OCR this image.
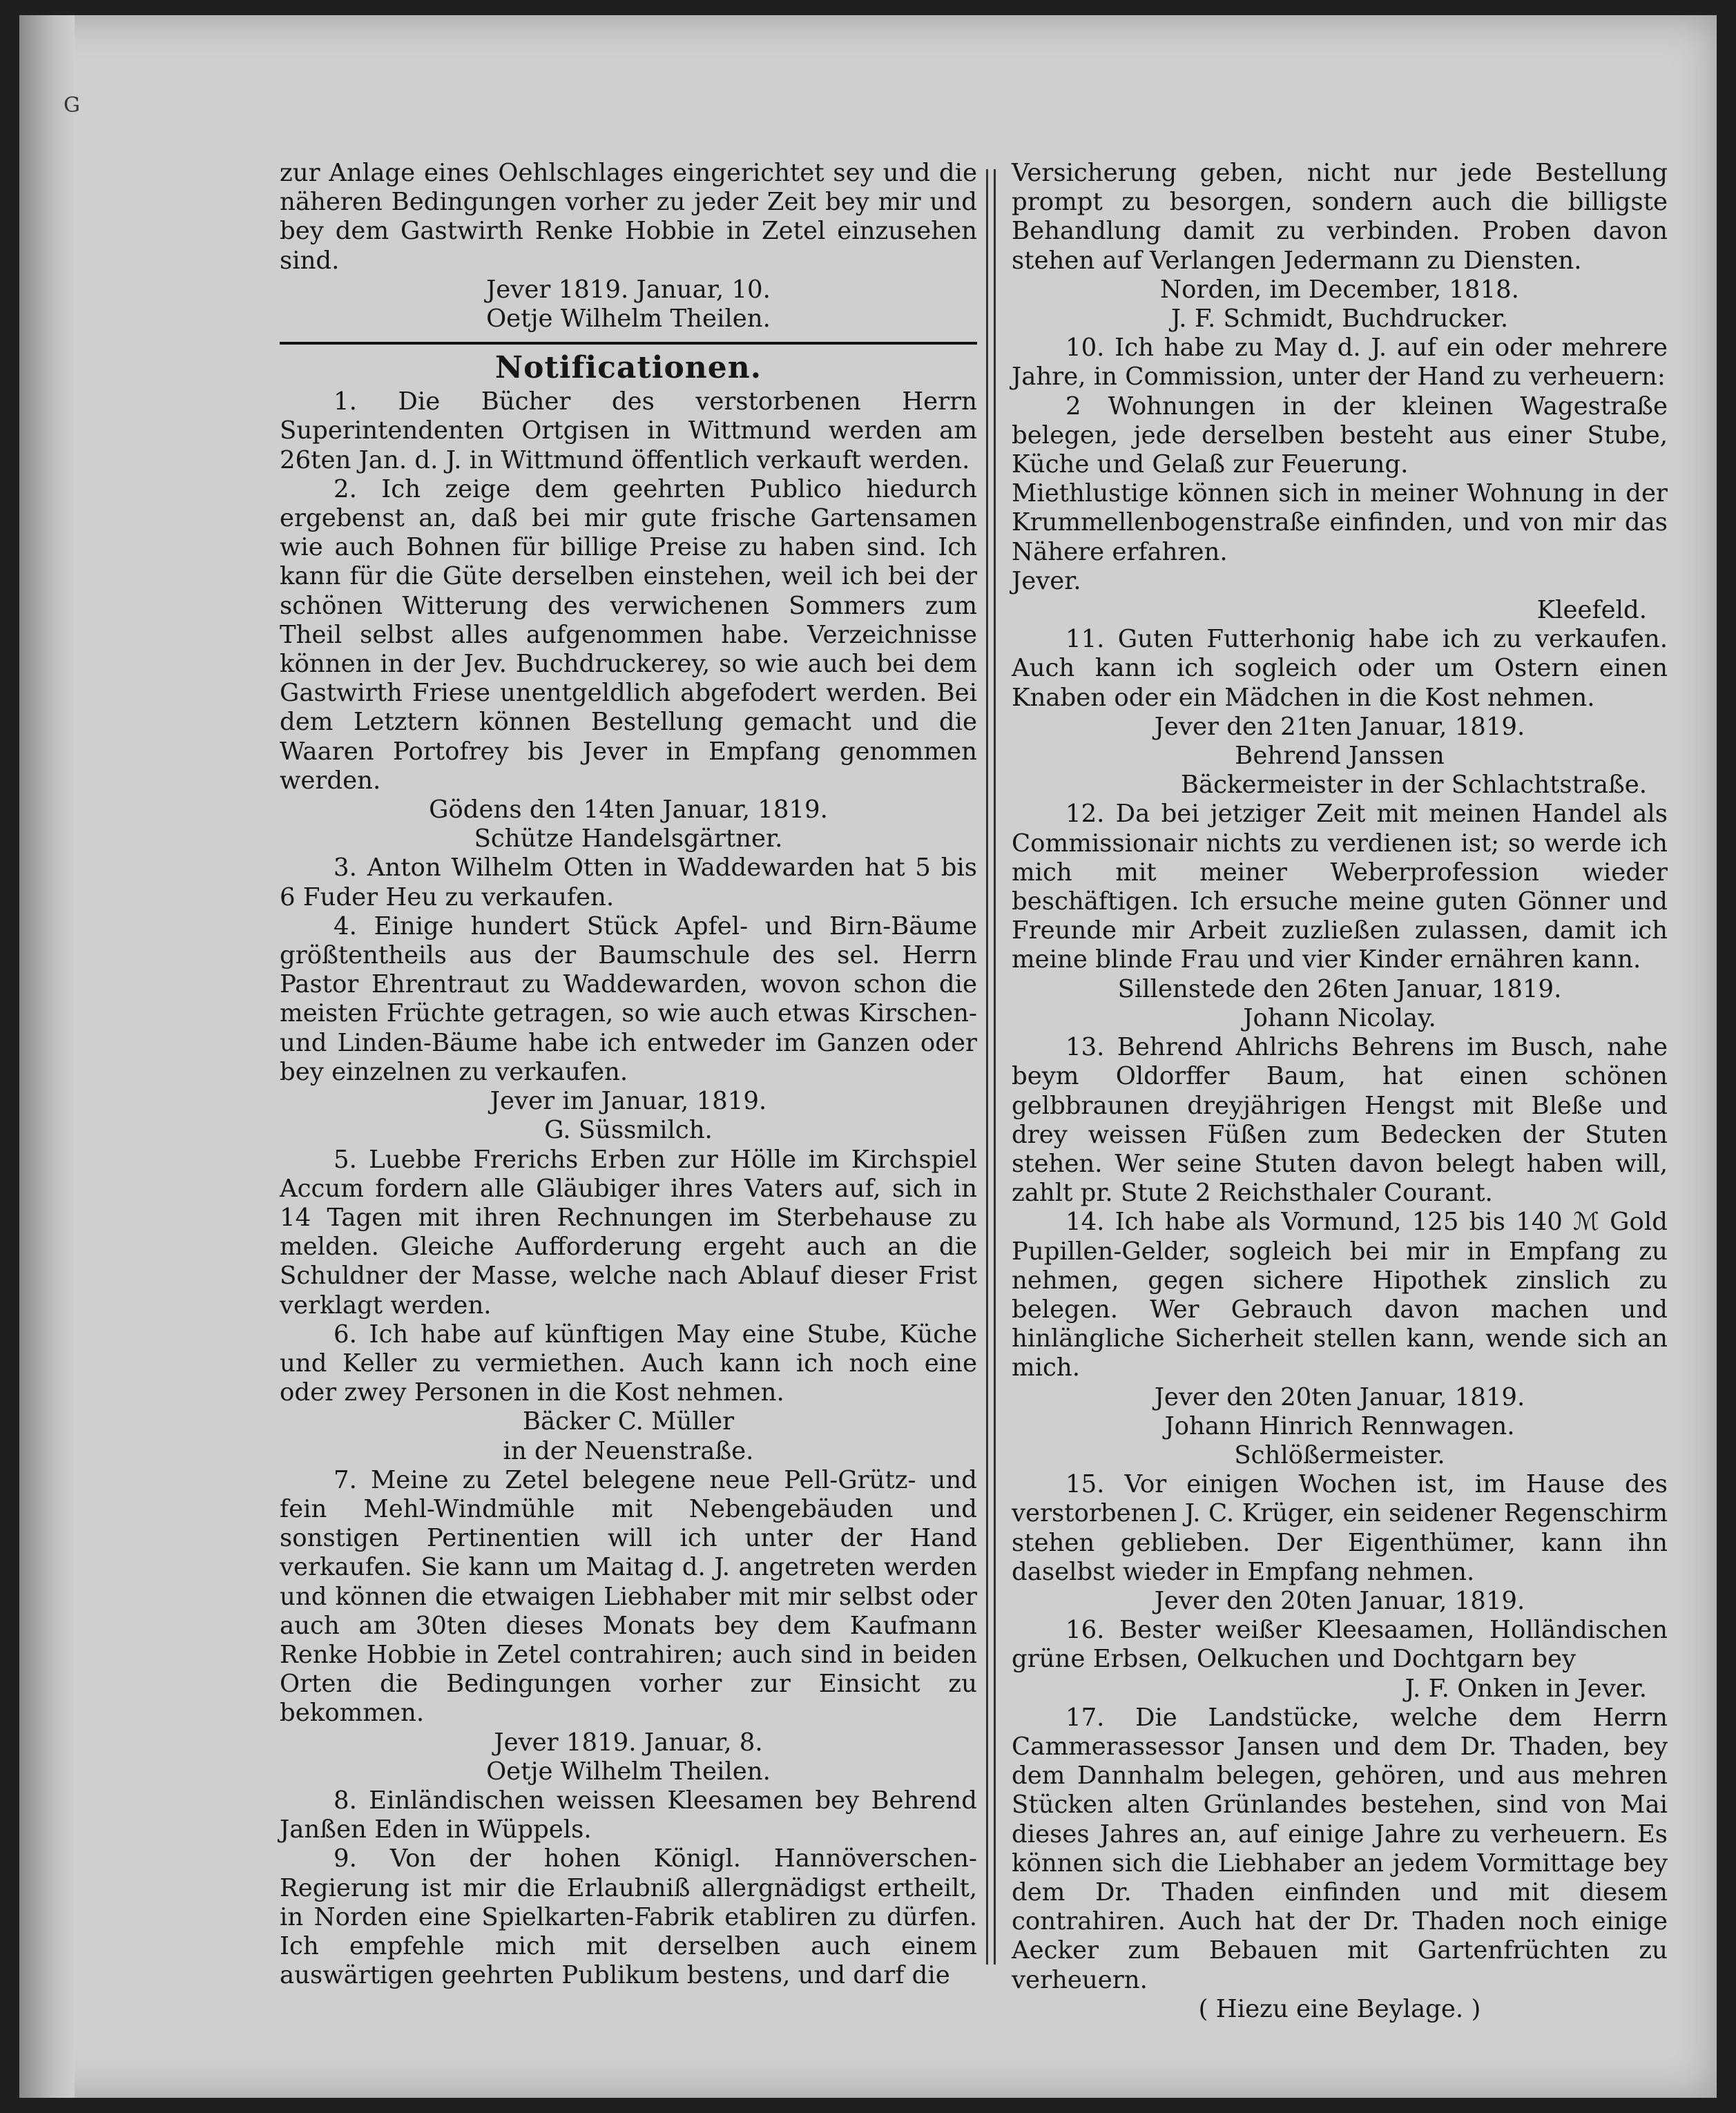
G

zur Anlage eines Oehlschlages eingerichtet sey und die näheren Bedingungen vorher zu jeder Zeit bey mir und bey dem Gastwirth Renke Hobbie in Zetel einzusehen sind.

Jever 1819. Januar, 10.

Oetje Wilhelm Theilen.

Notificationen.

1. Die Bücher des verstorbenen Herrn Superintendenten Ortgisen in Wittmund werden am 26ten Jan. d. J. in Wittmund öffentlich verkauft werden.

2. Ich zeige dem geehrten Publico hiedurch ergebenst an, daß bei mir gute frische Gartensamen wie auch Bohnen für billige Preise zu haben sind. Ich kann für die Güte derselben einstehen, weil ich bei der schönen Witterung des verwichenen Sommers zum Theil selbst alles aufgenommen habe. Verzeichnisse können in der Jev. Buchdruckerey, so wie auch bei dem Gastwirth Friese unentgeldlich abgefodert werden. Bei dem Letztern können Bestellung gemacht und die Waaren Portofrey bis Jever in Empfang genommen werden.

Gödens den 14ten Januar, 1819.

Schütze Handelsgärtner.

3. Anton Wilhelm Otten in Waddewarden hat 5 bis 6 Fuder Heu zu verkaufen.

4. Einige hundert Stück Apfel- und Birn-Bäume größtentheils aus der Baumschule des sel. Herrn Pastor Ehrentraut zu Waddewarden, wovon schon die meisten Früchte getragen, so wie auch etwas Kirschen- und Linden-Bäume habe ich entweder im Ganzen oder bey einzelnen zu verkaufen.

Jever im Januar, 1819.

G. Süssmilch.

5. Luebbe Frerichs Erben zur Hölle im Kirchspiel Accum fordern alle Gläubiger ihres Vaters auf, sich in 14 Tagen mit ihren Rechnungen im Sterbehause zu melden. Gleiche Aufforderung ergeht auch an die Schuldner der Masse, welche nach Ablauf dieser Frist verklagt werden.

6. Ich habe auf künftigen May eine Stube, Küche und Keller zu vermiethen. Auch kann ich noch eine oder zwey Personen in die Kost nehmen.

Bäcker C. Müller

in der Neuenstraße.

7. Meine zu Zetel belegene neue Pell-Grütz- und fein Mehl-Windmühle mit Nebengebäuden und sonstigen Pertinentien will ich unter der Hand verkaufen. Sie kann um Maitag d. J. angetreten werden und können die etwaigen Liebhaber mit mir selbst oder auch am 30ten dieses Monats bey dem Kaufmann Renke Hobbie in Zetel contrahiren; auch sind in beiden Orten die Bedingungen vorher zur Einsicht zu bekommen.

Jever 1819. Januar, 8.

Oetje Wilhelm Theilen.

8. Einländischen weissen Kleesamen bey Behrend Janßen Eden in Wüppels.

9. Von der hohen Königl. Hannöverschen-Regierung ist mir die Erlaubniß allergnädigst ertheilt, in Norden eine Spielkarten-Fabrik etabliren zu dürfen. Ich empfehle mich mit derselben auch einem auswärtigen geehrten Publikum bestens, und darf die

Versicherung geben, nicht nur jede Bestellung prompt zu besorgen, sondern auch die billigste Behandlung damit zu verbinden. Proben davon stehen auf Verlangen Jedermann zu Diensten.

Norden, im December, 1818.

J. F. Schmidt, Buchdrucker.

10. Ich habe zu May d. J. auf ein oder mehrere Jahre, in Commission, unter der Hand zu verheuern:

2 Wohnungen in der kleinen Wagestraße belegen, jede derselben besteht aus einer Stube, Küche und Gelaß zur Feuerung.

Miethlustige können sich in meiner Wohnung in der Krummellenbogenstraße einfinden, und von mir das Nähere erfahren.

Jever.

Kleefeld.

11. Guten Futterhonig habe ich zu verkaufen. Auch kann ich sogleich oder um Ostern einen Knaben oder ein Mädchen in die Kost nehmen.

Jever den 21ten Januar, 1819.

Behrend Janssen

Bäckermeister in der Schlachtstraße.

12. Da bei jetziger Zeit mit meinen Handel als Commissionair nichts zu verdienen ist; so werde ich mich mit meiner Weberprofession wieder beschäftigen. Ich ersuche meine guten Gönner und Freunde mir Arbeit zuzließen zulassen, damit ich meine blinde Frau und vier Kinder ernähren kann.

Sillenstede den 26ten Januar, 1819.

Johann Nicolay.

13. Behrend Ahlrichs Behrens im Busch, nahe beym Oldorffer Baum, hat einen schönen gelbbraunen dreyjährigen Hengst mit Bleße und drey weissen Füßen zum Bedecken der Stuten stehen. Wer seine Stuten davon belegt haben will, zahlt pr. Stute 2 Reichsthaler Courant.

14. Ich habe als Vormund, 125 bis 140 ℳ Gold Pupillen-Gelder, sogleich bei mir in Empfang zu nehmen, gegen sichere Hipothek zinslich zu belegen. Wer Gebrauch davon machen und hinlängliche Sicherheit stellen kann, wende sich an mich.

Jever den 20ten Januar, 1819.

Johann Hinrich Rennwagen.

Schlößermeister.

15. Vor einigen Wochen ist, im Hause des verstorbenen J. C. Krüger, ein seidener Regenschirm stehen geblieben. Der Eigenthümer, kann ihn daselbst wieder in Empfang nehmen.

Jever den 20ten Januar, 1819.

16. Bester weißer Kleesaamen, Holländischen grüne Erbsen, Oelkuchen und Dochtgarn bey

J. F. Onken in Jever.

17. Die Landstücke, welche dem Herrn Cammerassessor Jansen und dem Dr. Thaden, bey dem Dannhalm belegen, gehören, und aus mehren Stücken alten Grünlandes bestehen, sind von Mai dieses Jahres an, auf einige Jahre zu verheuern. Es können sich die Liebhaber an jedem Vormittage bey dem Dr. Thaden einfinden und mit diesem contrahiren. Auch hat der Dr. Thaden noch einige Aecker zum Bebauen mit Gartenfrüchten zu verheuern.

( Hiezu eine Beylage. )
